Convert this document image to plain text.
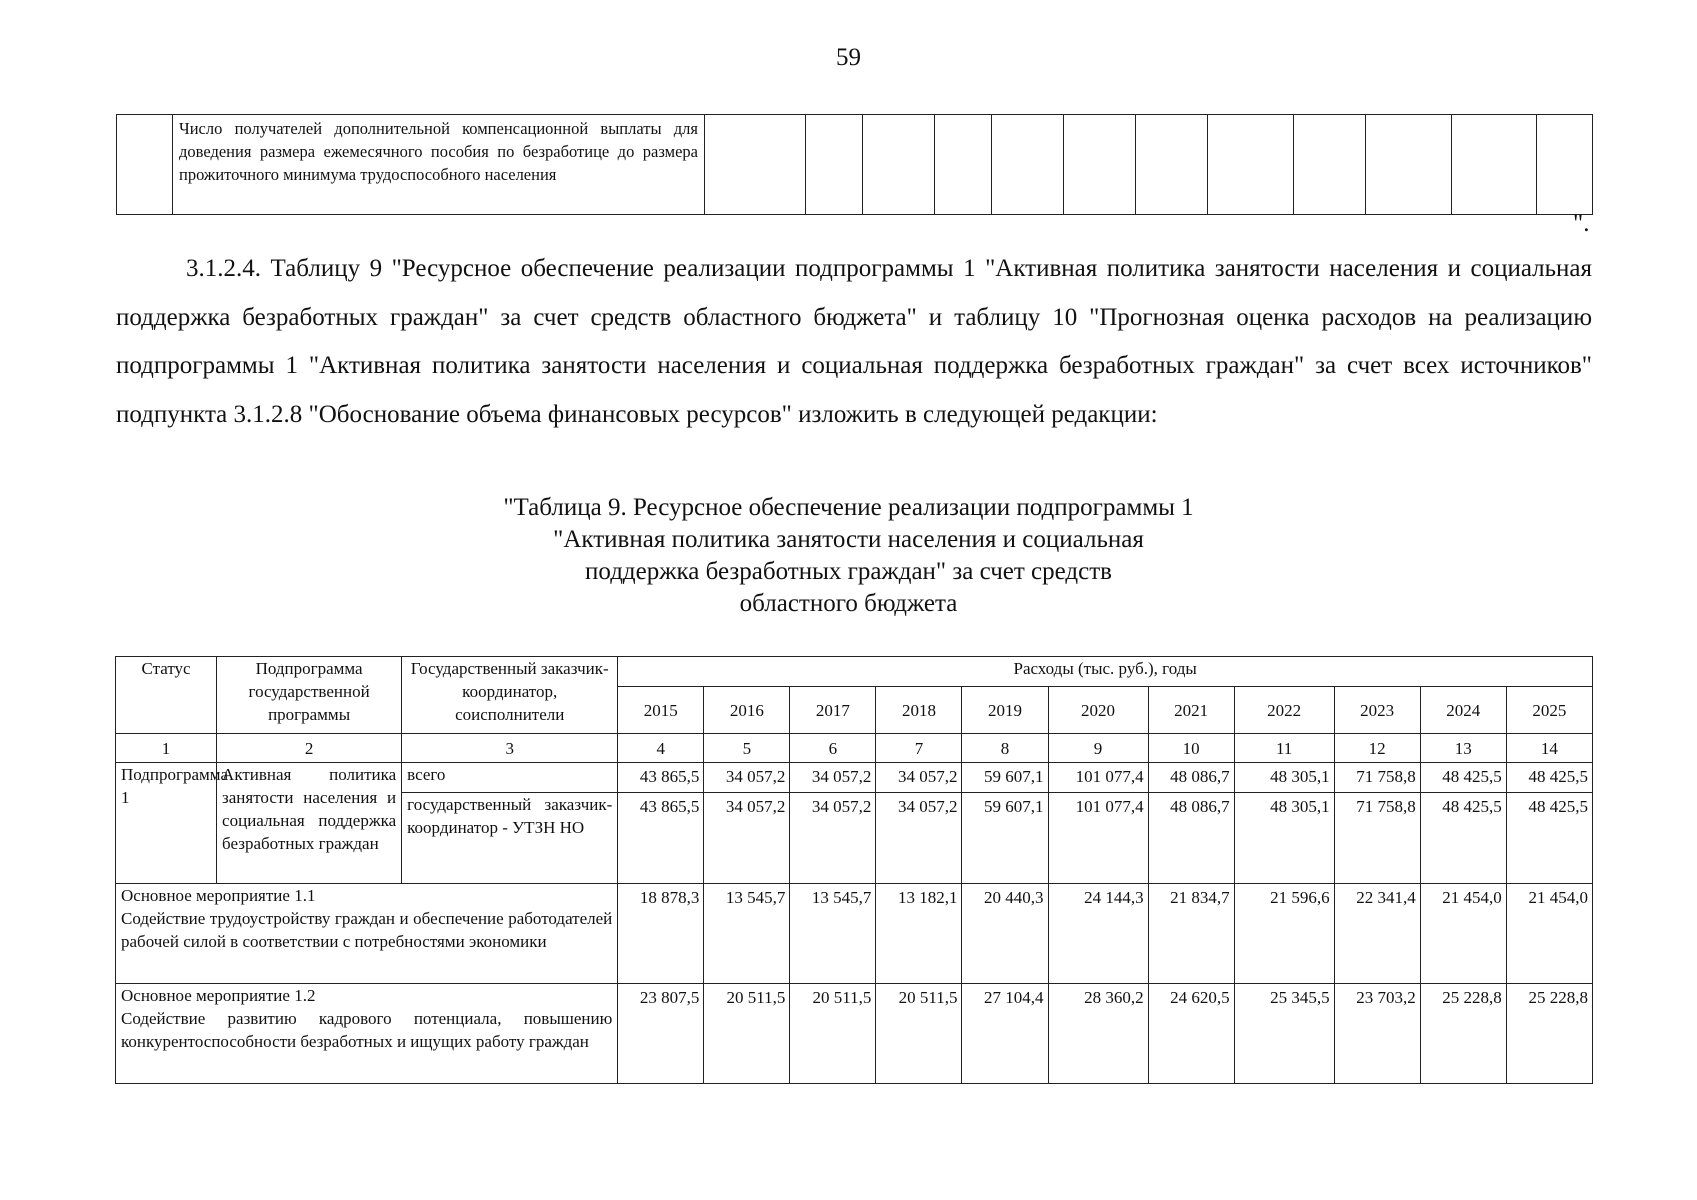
59
	Число получателей дополнительной компенсационной выплаты для доведения размера ежемесячного пособия по безработице до размера прожиточного минимума трудоспособного населения												
".

3.1.2.4. Таблицу 9 "Ресурсное обеспечение реализации подпрограммы 1 "Активная политика занятости населения и социальная поддержка безработных граждан" за счет средств областного бюджета" и таблицу 10 "Прогнозная оценка расходов на реализацию подпрограммы 1 "Активная политика занятости населения и социальная поддержка безработных граждан" за счет всех источников" подпункта 3.1.2.8 "Обоснование объема финансовых ресурсов" изложить в следующей редакции:

"Таблица 9. Ресурсное обеспечение реализации подпрограммы 1
"Активная политика занятости населения и социальная
поддержка безработных граждан" за счет средств
областного бюджета
Статус	Подпрограмма государственной программы	Государственный заказчик-координатор, соисполнители	Расходы (тыс. руб.), годы										
			2015	2016	2017	2018	2019	2020	2021	2022	2023	2024	2025
1	2	3	4	5	6	7	8	9	10	11	12	13	14
Подпрограмма 1	Активная политика занятости населения и социальная поддержка безработных граждан	всего	43 865,5	34 057,2	34 057,2	34 057,2	59 607,1	101 077,4	48 086,7	48 305,1	71 758,8	48 425,5	48 425,5
		государственный заказчик-координатор - УТЗН НО	43 865,5	34 057,2	34 057,2	34 057,2	59 607,1	101 077,4	48 086,7	48 305,1	71 758,8	48 425,5	48 425,5

Основное мероприятие 1.1
Содействие трудоустройству граждан и обеспечение работодателей рабочей силой в соответствии с потребностями экономики			18 878,3	13 545,7	13 545,7	13 182,1	20 440,3	24 144,3	21 834,7	21 596,6	22 341,4	21 454,0	21 454,0

Основное мероприятие 1.2
Содействие развитию кадрового потенциала, повышению конкурентоспособности безработных и ищущих работу граждан			23 807,5	20 511,5	20 511,5	20 511,5	27 104,4	28 360,2	24 620,5	25 345,5	23 703,2	25 228,8	25 228,8
